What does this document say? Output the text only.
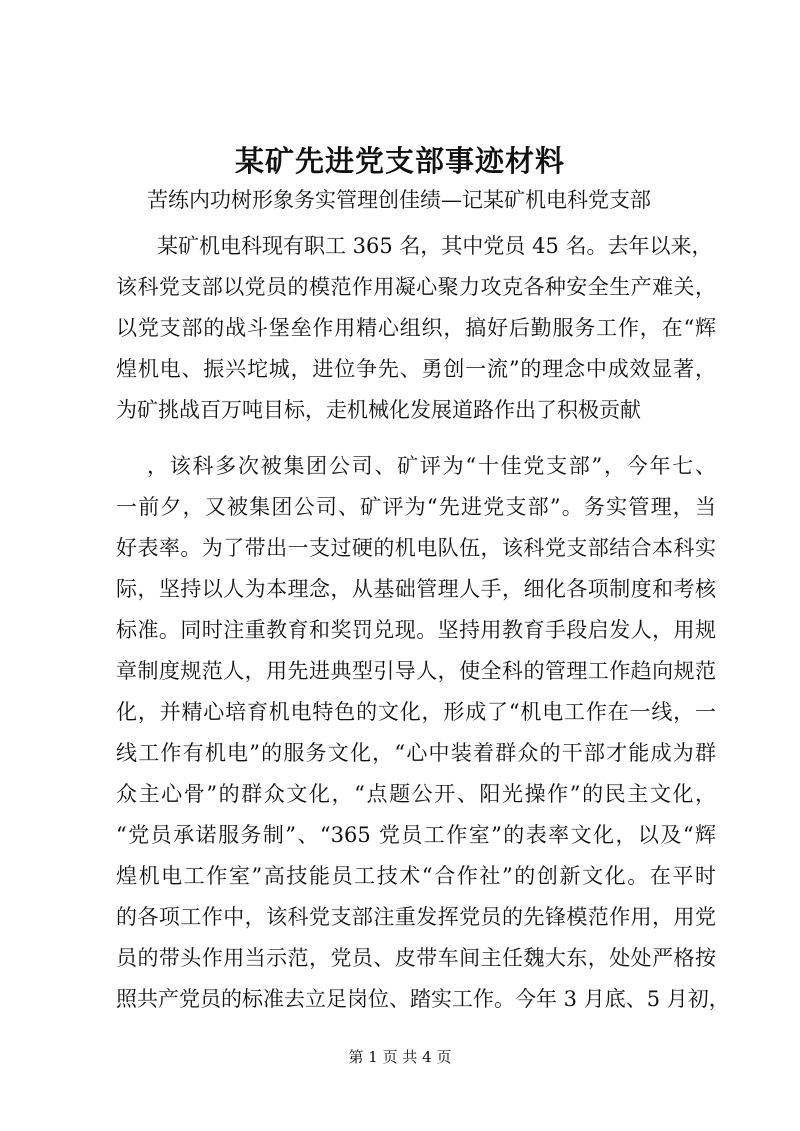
某矿先进党支部事迹材料
苦练内功树形象务实管理创佳绩—记某矿机电科党支部
某矿机电科现有职工 365 名，其中党员 45 名。去年以来，
该科党支部以党员的模范作用凝心聚力攻克各种安全生产难关，
以党支部的战斗堡垒作用精心组织，搞好后勤服务工作，在“辉
煌机电、振兴坨城，进位争先、勇创一流”的理念中成效显著，
为矿挑战百万吨目标，走机械化发展道路作出了积极贡献
，该科多次被集团公司、矿评为“十佳党支部”，今年七、
一前夕，又被集团公司、矿评为“先进党支部”。务实管理，当
好表率。为了带出一支过硬的机电队伍，该科党支部结合本科实
际，坚持以人为本理念，从基础管理人手，细化各项制度和考核
标准。同时注重教育和奖罚兑现。坚持用教育手段启发人，用规
章制度规范人，用先进典型引导人，使全科的管理工作趋向规范
化，并精心培育机电特色的文化，形成了“机电工作在一线，一
线工作有机电”的服务文化，“心中装着群众的干部才能成为群
众主心骨”的群众文化，“点题公开、阳光操作”的民主文化，
“党员承诺服务制”、“365 党员工作室”的表率文化，以及“辉
煌机电工作室”高技能员工技术“合作社”的创新文化。在平时
的各项工作中，该科党支部注重发挥党员的先锋模范作用，用党
员的带头作用当示范，党员、皮带车间主任魏大东，处处严格按
照共产党员的标准去立足岗位、踏实工作。今年 3 月底、5 月初，
第 1 页 共 4 页
